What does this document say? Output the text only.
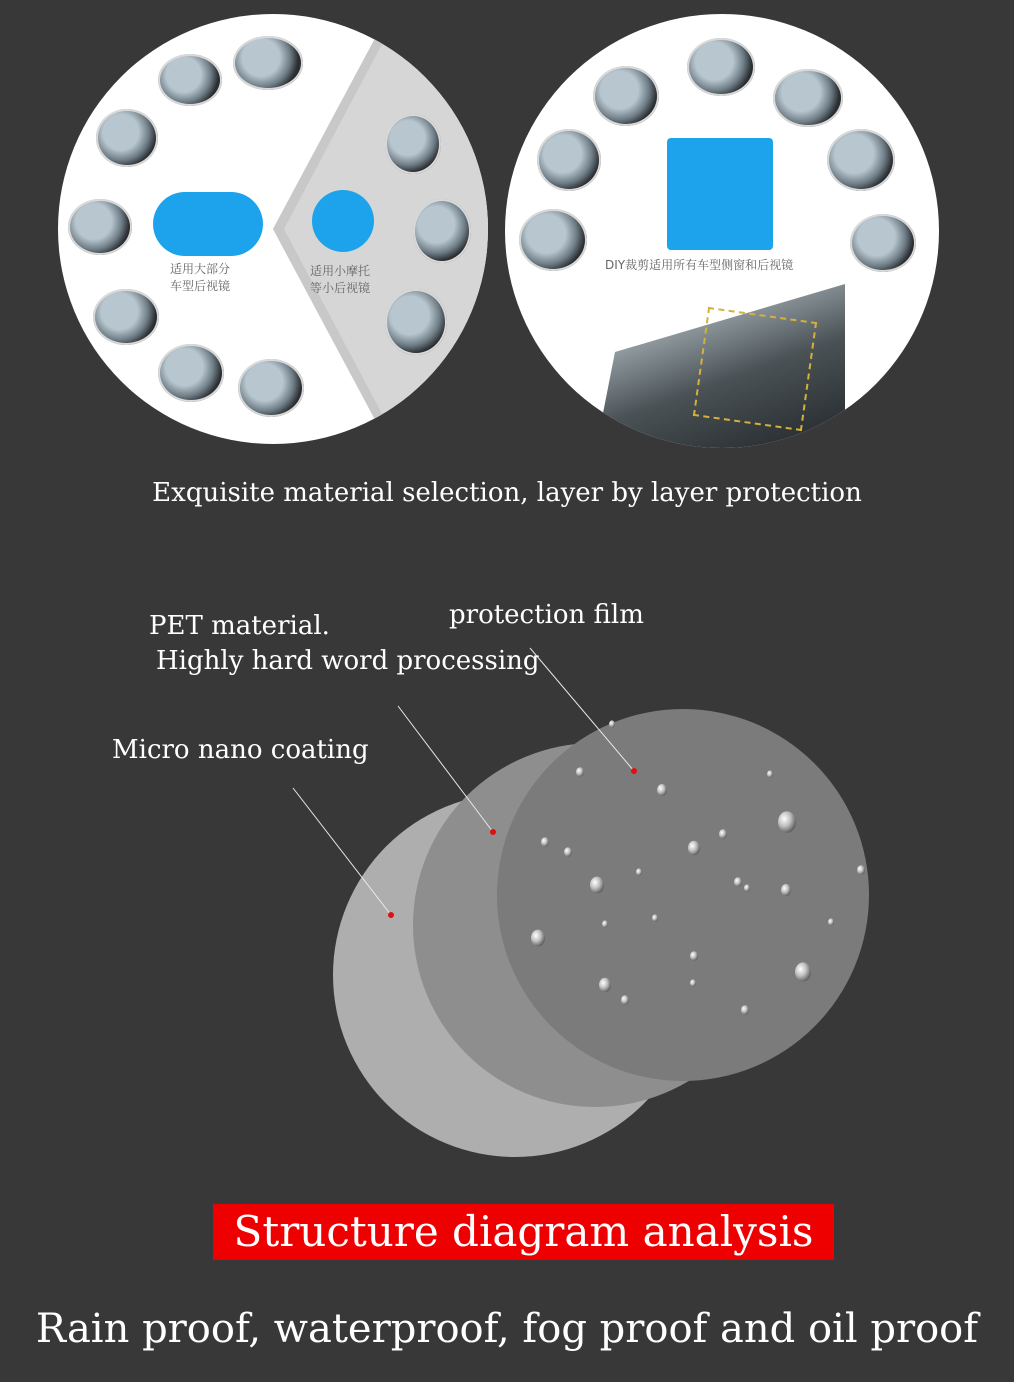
适用大部分
车型后视镜
适用小摩托
等小后视镜
DIY裁剪适用所有车型侧窗和后视镜
Exquisite material selection, layer by layer protection
PET material.
Highly hard word processing
protection film
Micro nano coating
Structure diagram analysis
Rain proof, waterproof, fog proof and oil proof
